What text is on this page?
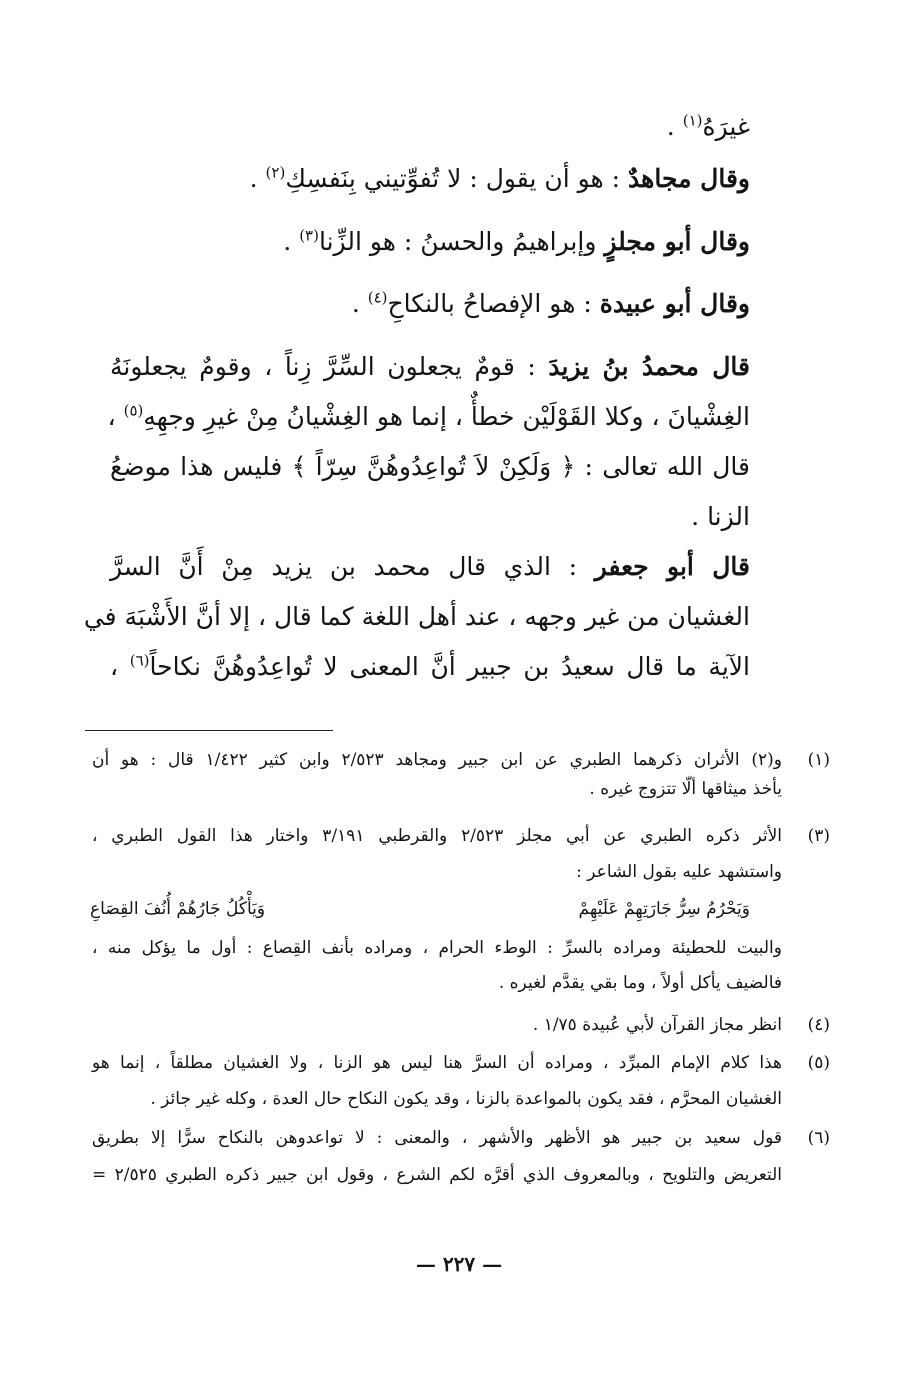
غيرَهُ$^{(١)}$ .
وقال مجاهدٌ : هو أن يقول : لا تُفوِّتيني بِنَفسِكِ$^{(٢)}$ .
وقال أبو مجلزٍ وإبراهيمُ والحسنُ : هو الزِّنا$^{(٣)}$ .
وقال أبو عبيدة : هو الإفصاحُ بالنكاحِ$^{(٤)}$ .
قال محمدُ بنُ يزيدَ : قومٌ يجعلون السِّرَّ زِناً ، وقومٌ يجعلونَهُ
الغِشْيانَ ، وكلا القَوْلَيْن خطأٌ ، إنما هو الغِشْيانُ مِنْ غيرِ وجهِهِ$^{(٥)}$ ،
قال الله تعالى : ﴿ وَلَكِنْ لاَ تُواعِدُوهُنَّ سِرّاً ﴾ فليس هذا موضعُ
الزنا .
قال أبو جعفر : الذي قال محمد بن يزيد مِنْ أَنَّ السرَّ
الغشيان من غير وجهه ، عند أهل اللغة كما قال ، إلا أنَّ الأَشْبَهَ في
الآية ما قال سعيدُ بن جبير أنَّ المعنى لا تُواعِدُوهُنَّ نكاحاً$^{(٦)}$ ،
(١)
و(٢) الأثران ذكرهما الطبري عن ابن جبير ومجاهد ٢/٥٢٣ وابن كثير ١/٤٢٢ قال : هو أن
يأخذ ميثاقها ألّا تتزوج غيره .
(٣)
الأثر ذكره الطبري عن أبي مجلز ٢/٥٢٣ والقرطبي ٣/١٩١ واختار هذا القول الطبري ،
واستشهد عليه بقول الشاعر :
وَيَحْرُمُ سِرُّ جَارَتِهِمْ عَلَيْهِمْ
وَيَأْكُلُ جَارُهُمْ أُنُفَ القِصَاعِ
والبيت للحطيئة ومراده بالسرِّ : الوطء الحرام ، ومراده بأنف القِصاع : أول ما يؤكل منه ،
فالضيف يأكل أولاً ، وما بقي يقدَّم لغيره .
(٤)
انظر مجاز القرآن لأبي عُبيدة ١/٧٥ .
(٥)
هذا كلام الإمام المبرِّد ، ومراده أن السرَّ هنا ليس هو الزنا ، ولا الغشيان مطلقاً ، إنما هو
الغشيان المحرَّم ، فقد يكون بالمواعدة بالزنا ، وقد يكون النكاح حال العدة ، وكله غير جائز .
(٦)
قول سعيد بن جبير هو الأظهر والأشهر ، والمعنى : لا تواعدوهن بالنكاح سرًّا إلا بطريق
التعريض والتلويح ، وبالمعروف الذي أقرَّه لكم الشرع ، وقول ابن جبير ذكره الطبري ٢/٥٢٥ =
— ٢٢٧ —
